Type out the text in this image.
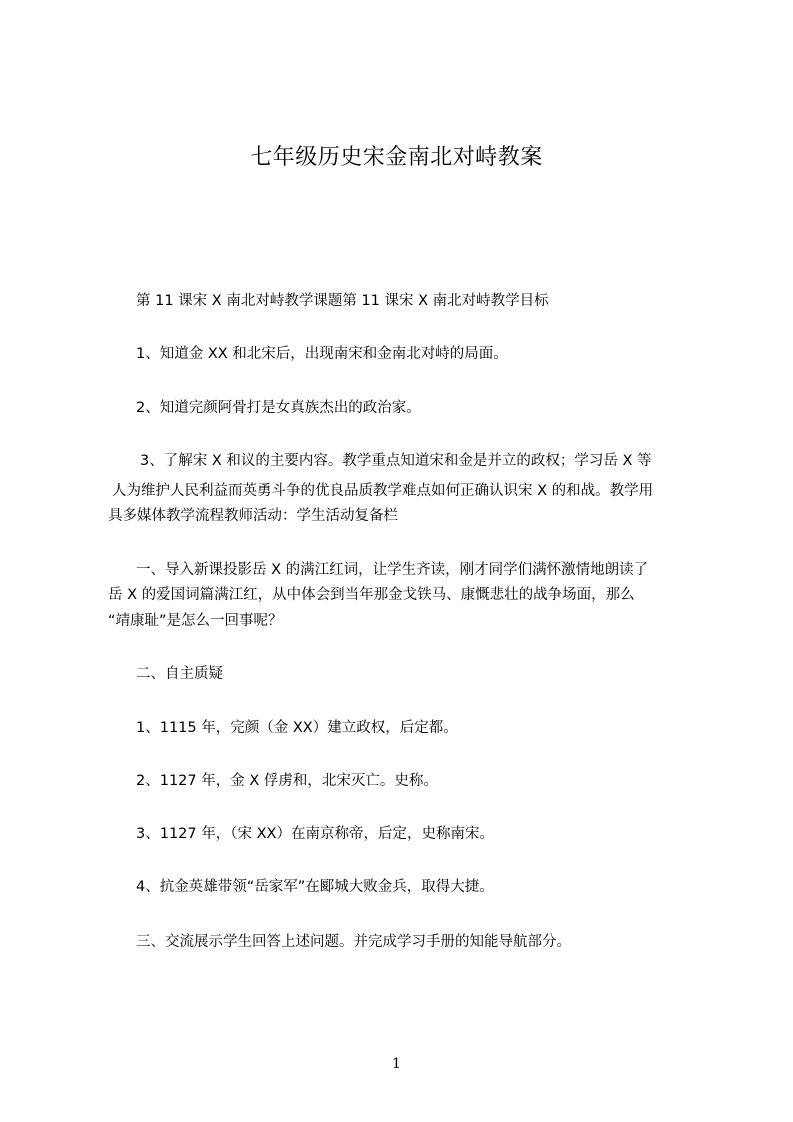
七年级历史宋金南北对峙教案
第 11 课宋 X 南北对峙教学课题第 11 课宋 X 南北对峙教学目标
1、知道金 XX 和北宋后，出现南宋和金南北对峙的局面。
2、知道完颜阿骨打是女真族杰出的政治家。
3、了解宋 X 和议的主要内容。教学重点知道宋和金是并立的政权；学习岳 X 等
人为维护人民利益而英勇斗争的优良品质教学难点如何正确认识宋 X 的和战。教学用
具多媒体教学流程教师活动：学生活动复备栏
一、导入新课投影岳 X 的满江红词，让学生齐读，刚才同学们满怀激情地朗读了
岳 X 的爱国词篇满江红，从中体会到当年那金戈铁马、康慨悲壮的战争场面，那么
“靖康耻”是怎么一回事呢？
二、自主质疑
1、1115 年，完颜（金 XX）建立政权，后定都。
2、1127 年，金 X 俘虏和，北宋灭亡。史称。
3、1127 年，（宋 XX）在南京称帝，后定，史称南宋。
4、抗金英雄带领“岳家军”在郾城大败金兵，取得大捷。
三、交流展示学生回答上述问题。并完成学习手册的知能导航部分。
1
